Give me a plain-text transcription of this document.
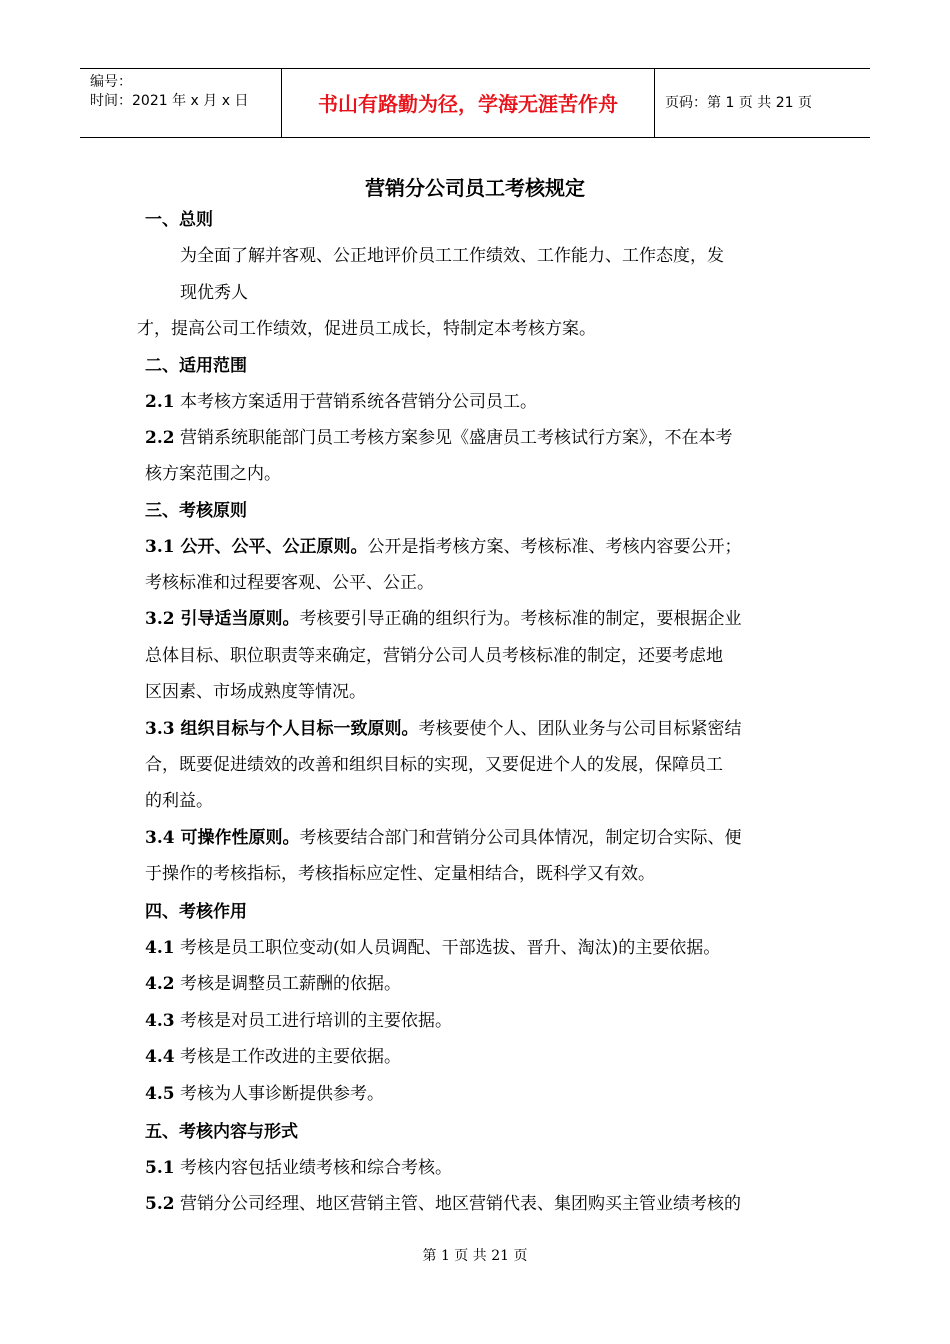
编号：
时间：2021 年 x 月 x 日	书山有路勤为径，学海无涯苦作舟	页码：第 1 页 共 21 页
营销分公司员工考核规定
一、总则
为全面了解并客观、公正地评价员工工作绩效、工作能力、工作态度，发
现优秀人
才，提高公司工作绩效，促进员工成长，特制定本考核方案。
二、适用范围
2.1 本考核方案适用于营销系统各营销分公司员工。
2.2 营销系统职能部门员工考核方案参见《盛唐员工考核试行方案》，不在本考
核方案范围之内。
三、考核原则
3.1 公开、公平、公正原则。公开是指考核方案、考核标准、考核内容要公开；
考核标准和过程要客观、公平、公正。
3.2 引导适当原则。考核要引导正确的组织行为。考核标准的制定，要根据企业
总体目标、职位职责等来确定，营销分公司人员考核标准的制定，还要考虑地
区因素、市场成熟度等情况。
3.3 组织目标与个人目标一致原则。考核要使个人、团队业务与公司目标紧密结
合，既要促进绩效的改善和组织目标的实现，又要促进个人的发展，保障员工
的利益。
3.4 可操作性原则。考核要结合部门和营销分公司具体情况，制定切合实际、便
于操作的考核指标，考核指标应定性、定量相结合，既科学又有效。
四、考核作用
4.1 考核是员工职位变动(如人员调配、干部选拔、晋升、淘汰)的主要依据。
4.2 考核是调整员工薪酬的依据。
4.3 考核是对员工进行培训的主要依据。
4.4 考核是工作改进的主要依据。
4.5 考核为人事诊断提供参考。
五、考核内容与形式
5.1 考核内容包括业绩考核和综合考核。
5.2 营销分公司经理、地区营销主管、地区营销代表、集团购买主管业绩考核的
第 1 页 共 21 页
